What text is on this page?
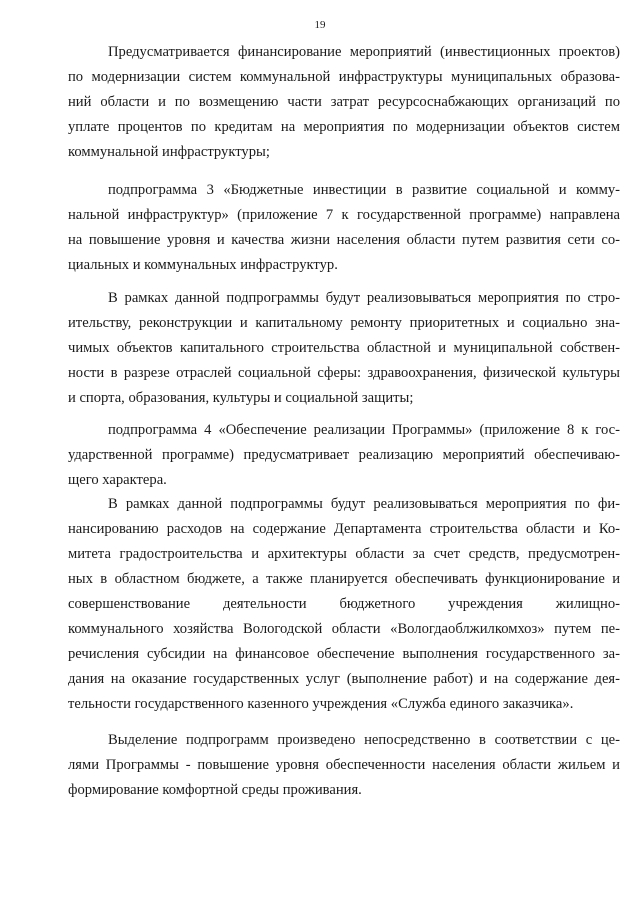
19
Предусматривается финансирование мероприятий (инвестиционных проектов)
по модернизации систем коммунальной инфраструктуры муниципальных образова-
ний области и по возмещению части затрат ресурсоснабжающих организаций по
уплате процентов по кредитам на мероприятия по модернизации объектов систем
коммунальной инфраструктуры;
подпрограмма 3 «Бюджетные инвестиции в развитие социальной и комму-
нальной инфраструктур» (приложение 7 к государственной программе) направлена
на повышение уровня и качества жизни населения области путем развития сети со-
циальных и коммунальных инфраструктур.
В рамках данной подпрограммы будут реализовываться мероприятия по стро-
ительству, реконструкции и капитальному ремонту приоритетных и социально зна-
чимых объектов капитального строительства областной и муниципальной собствен-
ности в разрезе отраслей социальной сферы: здравоохранения, физической культуры
и спорта, образования, культуры и социальной защиты;
подпрограмма 4 «Обеспечение реализации Программы» (приложение 8 к гос-
ударственной программе) предусматривает реализацию мероприятий обеспечиваю-
щего характера.
В рамках данной подпрограммы будут реализовываться мероприятия по фи-
нансированию расходов на содержание Департамента строительства области и Ко-
митета градостроительства и архитектуры области за счет средств, предусмотрен-
ных в областном бюджете, а также планируется обеспечивать функционирование и
совершенствование деятельности бюджетного учреждения жилищно-
коммунального хозяйства Вологодской области «Вологдаоблжилкомхоз» путем пе-
речисления субсидии на финансовое обеспечение выполнения государственного за-
дания на оказание государственных услуг (выполнение работ) и на содержание дея-
тельности государственного казенного учреждения «Служба единого заказчика».
Выделение подпрограмм произведено непосредственно в соответствии с це-
лями Программы - повышение уровня обеспеченности населения области жильем и
формирование комфортной среды проживания.
